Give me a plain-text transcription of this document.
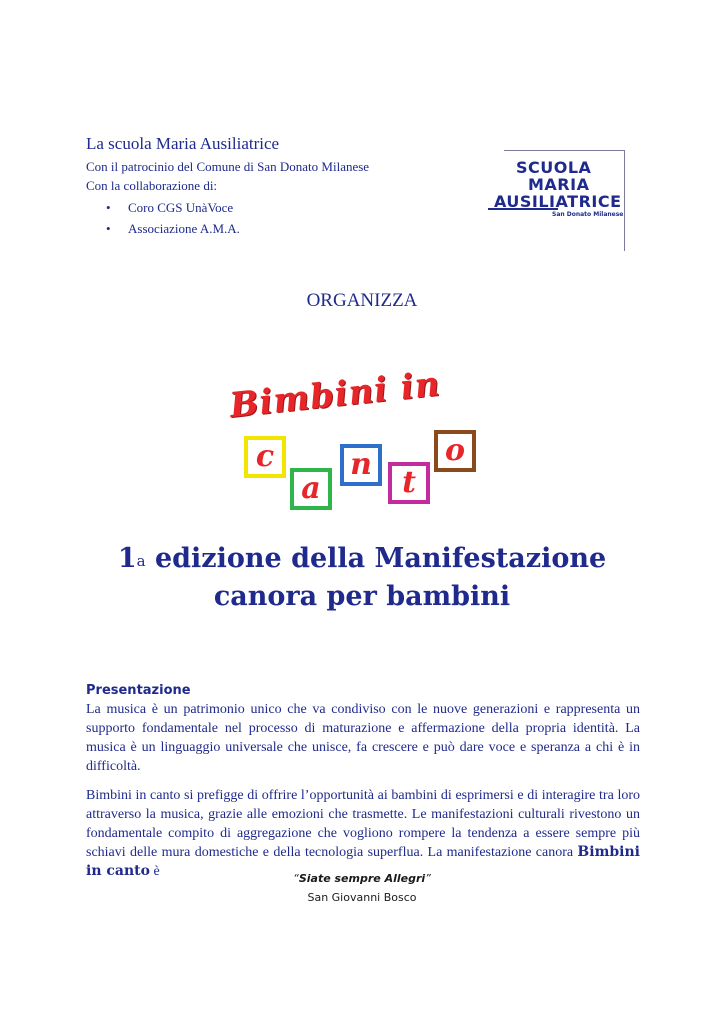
La scuola Maria Ausiliatrice
Con il patrocinio del Comune di San Donato Milanese
Con la collaborazione di:
• Coro CGS UnàVoce
• Associazione A.M.A.
SCUOLA
MARIA
AUSILIATRICE
San Donato Milanese
ORGANIZZA
Bimbini in
c
a
n
t
o
1$^a$ edizione della Manifestazione
canora per bambini
Presentazione
La musica è un patrimonio unico che va condiviso con le nuove generazioni e rappresenta un supporto fondamentale nel processo di maturazione e affermazione della propria identità. La musica è un linguaggio universale che unisce, fa crescere e può dare voce e speranza a chi è in difficoltà.
Bimbini in canto si prefigge di offrire l’opportunità ai bambini di esprimersi e di interagire tra loro attraverso la musica, grazie alle emozioni che trasmette. Le manifestazioni culturali rivestono un fondamentale compito di aggregazione che vogliono rompere la tendenza a essere sempre più schiavi delle mura domestiche e della tecnologia superflua. La manifestazione canora Bimbini in canto è	“Siate sempre Allegri”
San Giovanni Bosco
